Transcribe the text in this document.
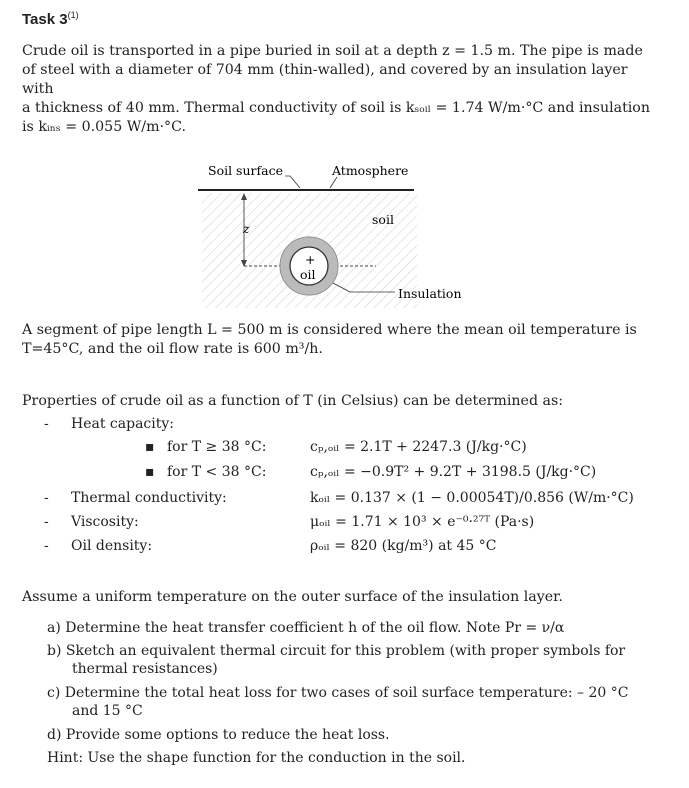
Task 3$^{(1)}$
Crude oil is transported in a pipe buried in soil at a depth z = 1.5 m. The pipe is made
of steel with a diameter of 704 mm (thin-walled), and covered by an insulation layer with
a thickness of 40 mm. Thermal conductivity of soil is kₛₒᵢₗ = 1.74 W/m·°C and insulation
is kᵢₙₛ = 0.055 W/m·°C.
Soil surface	Atmosphere
soil
z
+
oil
Insulation
A segment of pipe length L = 500 m is considered where the mean oil temperature is
T=45°C, and the oil flow rate is 600 m³/h.
Properties of crude oil as a function of T (in Celsius) can be determined as:
- Heat capacity:
▪ for T ≥ 38 °C:	cₚ,ₒᵢₗ = 2.1T + 2247.3 (J/kg·°C)
▪ for T < 38 °C:	cₚ,ₒᵢₗ = −0.9T² + 9.2T + 3198.5 (J/kg·°C)
- Thermal conductivity:	kₒᵢₗ = 0.137 × (1 − 0.00054T)/0.856 (W/m·°C)
- Viscosity:	μₒᵢₗ = 1.71 × 10³ × e⁻⁰·²⁷ᵀ (Pa·s)
- Oil density:	ρₒᵢₗ = 820 (kg/m³) at 45 °C
Assume a uniform temperature on the outer surface of the insulation layer.
a) Determine the heat transfer coefficient h of the oil flow. Note Pr = ν/α
b) Sketch an equivalent thermal circuit for this problem (with proper symbols for
thermal resistances)
c) Determine the total heat loss for two cases of soil surface temperature: – 20 °C
and 15 °C
d) Provide some options to reduce the heat loss.
Hint: Use the shape function for the conduction in the soil.
